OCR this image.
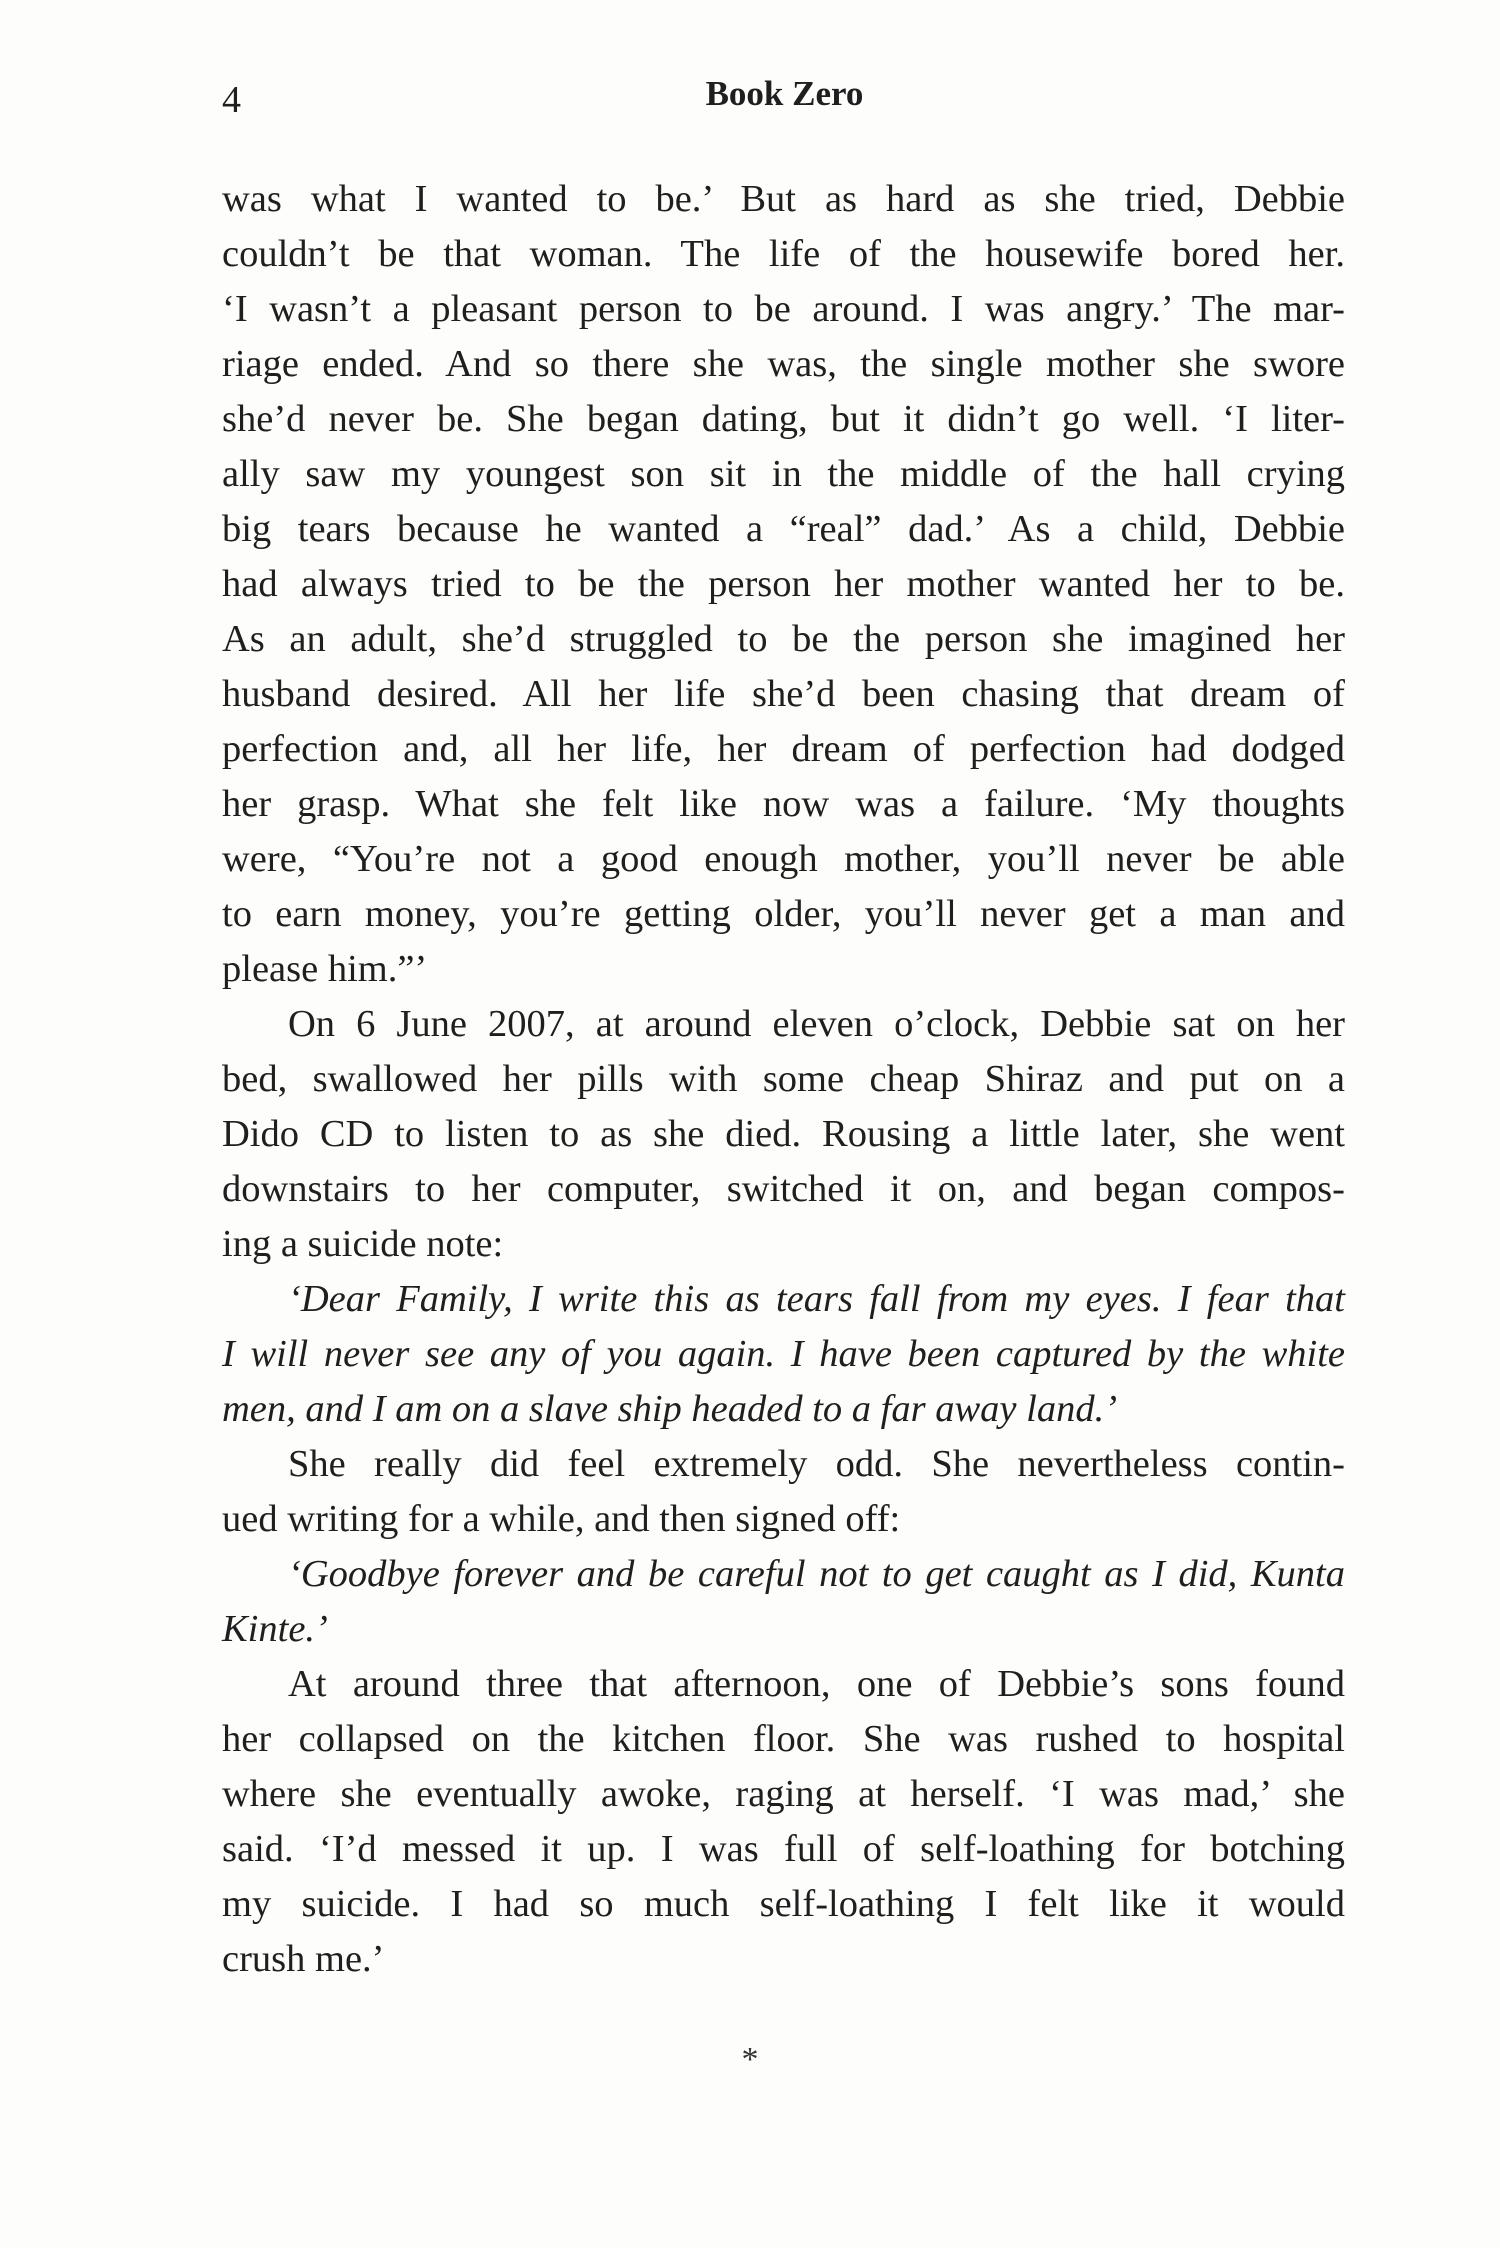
4	Book Zero

was what I wanted to be.’ But as hard as she tried, Debbie
couldn’t be that woman. The life of the housewife bored her.
‘I wasn’t a pleasant person to be around. I was angry.’ The mar-
riage ended. And so there she was, the single mother she swore
she’d never be. She began dating, but it didn’t go well. ‘I liter-
ally saw my youngest son sit in the middle of the hall crying
big tears because he wanted a “real” dad.’ As a child, Debbie
had always tried to be the person her mother wanted her to be.
As an adult, she’d struggled to be the person she imagined her
husband desired. All her life she’d been chasing that dream of
perfection and, all her life, her dream of perfection had dodged
her grasp. What she felt like now was a failure. ‘My thoughts
were, “You’re not a good enough mother, you’ll never be able
to earn money, you’re getting older, you’ll never get a man and
please him.”’

On 6 June 2007, at around eleven o’clock, Debbie sat on her
bed, swallowed her pills with some cheap Shiraz and put on a
Dido CD to listen to as she died. Rousing a little later, she went
downstairs to her computer, switched it on, and began compos-
ing a suicide note:

‘Dear Family, I write this as tears fall from my eyes. I fear that
I will never see any of you again. I have been captured by the white
men, and I am on a slave ship headed to a far away land.’

She really did feel extremely odd. She nevertheless contin-
ued writing for a while, and then signed off:

‘Goodbye forever and be careful not to get caught as I did, Kunta
Kinte.’

At around three that afternoon, one of Debbie’s sons found
her collapsed on the kitchen floor. She was rushed to hospital
where she eventually awoke, raging at herself. ‘I was mad,’ she
said. ‘I’d messed it up. I was full of self-loathing for botching
my suicide. I had so much self-loathing I felt like it would
crush me.’

*
